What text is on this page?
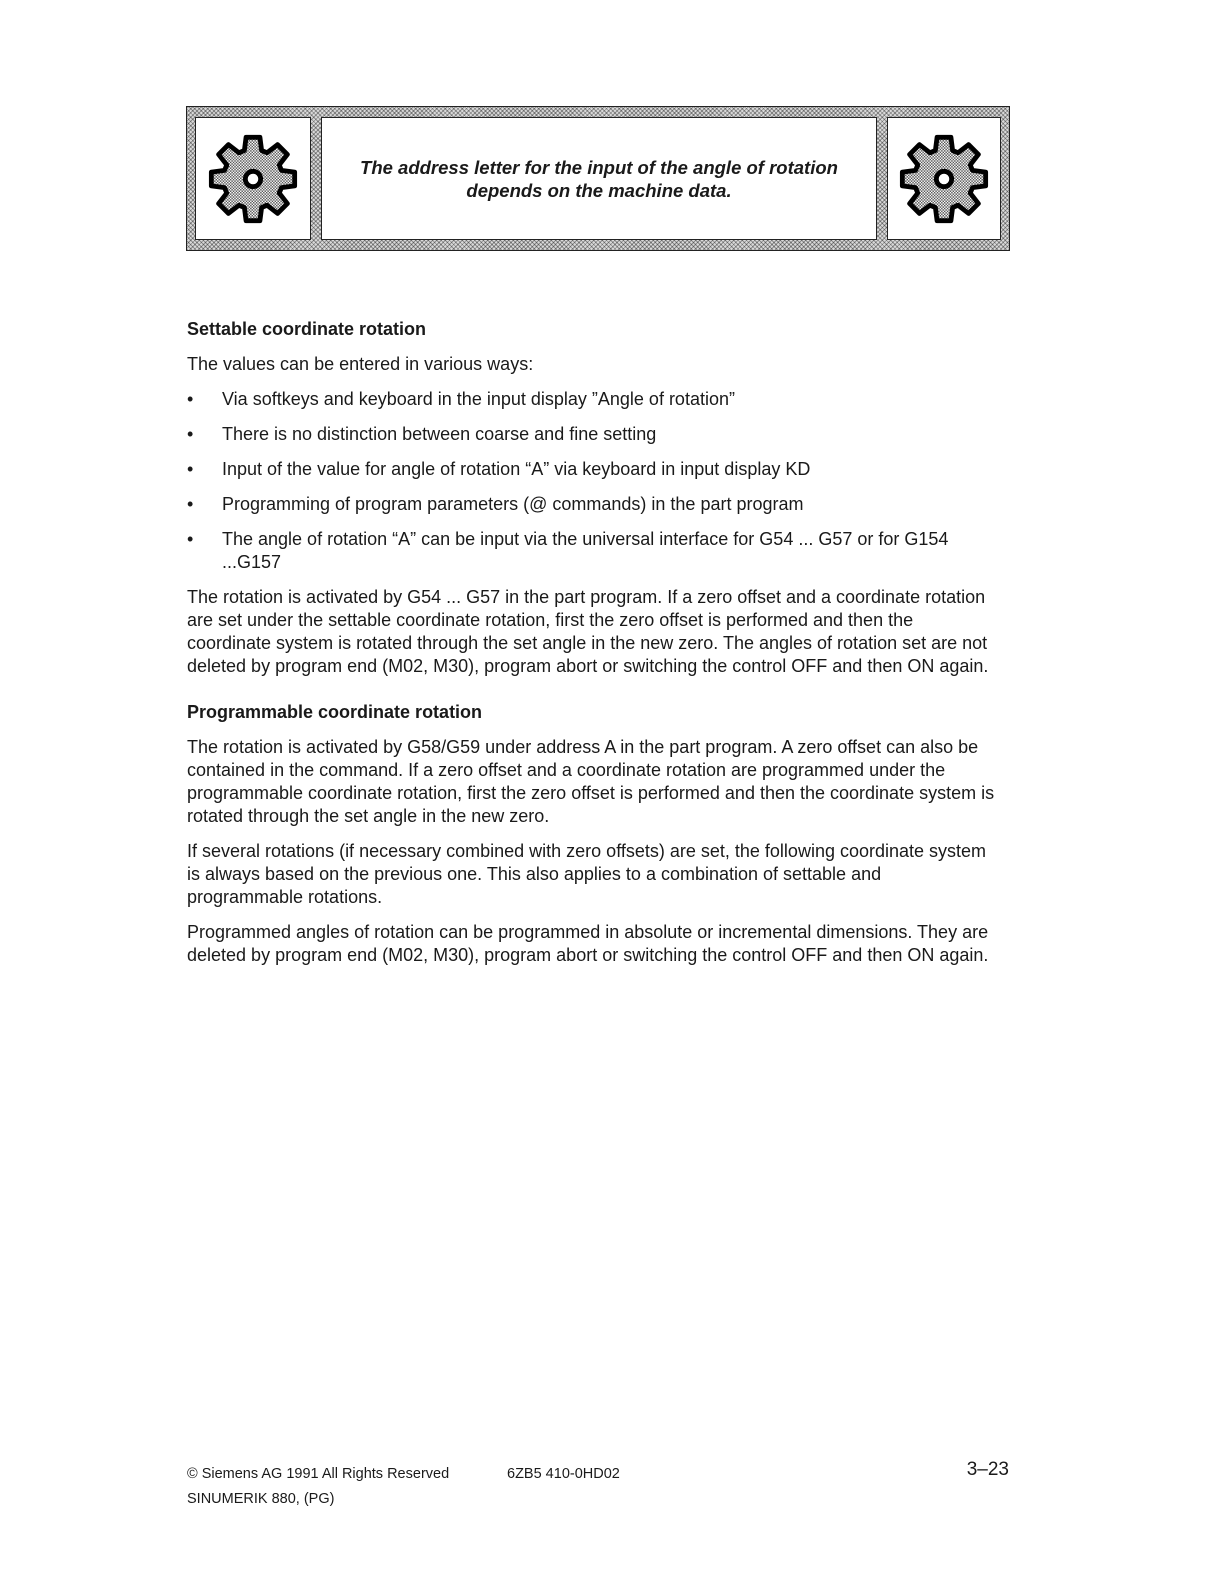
The address letter for the input of the angle of rotation
depends on the machine data.
Settable coordinate rotation
The values can be entered in various ways:
• Via softkeys and keyboard in the input display ”Angle of rotation”
• There is no distinction between coarse and fine setting
• Input of the value for angle of rotation “A” via keyboard in input display KD
• Programming of program parameters (@ commands) in the part program
• The angle of rotation “A” can be input via the universal interface for G54 ... G57 or for G154 ...G157
The rotation is activated by G54 ... G57 in the part program. If a zero offset and a coordinate rotation are set under the settable coordinate rotation, first the zero offset is performed and then the coordinate system is rotated through the set angle in the new zero. The angles of rotation set are not deleted by program end (M02, M30), program abort or switching the control OFF and then ON again.
Programmable coordinate rotation
The rotation is activated by G58/G59 under address A in the part program. A zero offset can also be contained in the command. If a zero offset and a coordinate rotation are programmed under the programmable coordinate rotation, first the zero offset is performed and then the coordinate system is rotated through the set angle in the new zero.
If several rotations (if necessary combined with zero offsets) are set, the following coordinate system is always based on the previous one. This also applies to a combination of settable and programmable rotations.
Programmed angles of rotation can be programmed in absolute or incremental dimensions. They are deleted by program end (M02, M30), program abort or switching the control OFF and then ON again.
© Siemens AG 1991 All Rights Reserved	6ZB5 410-0HD02	3–23
SINUMERIK 880, (PG)
